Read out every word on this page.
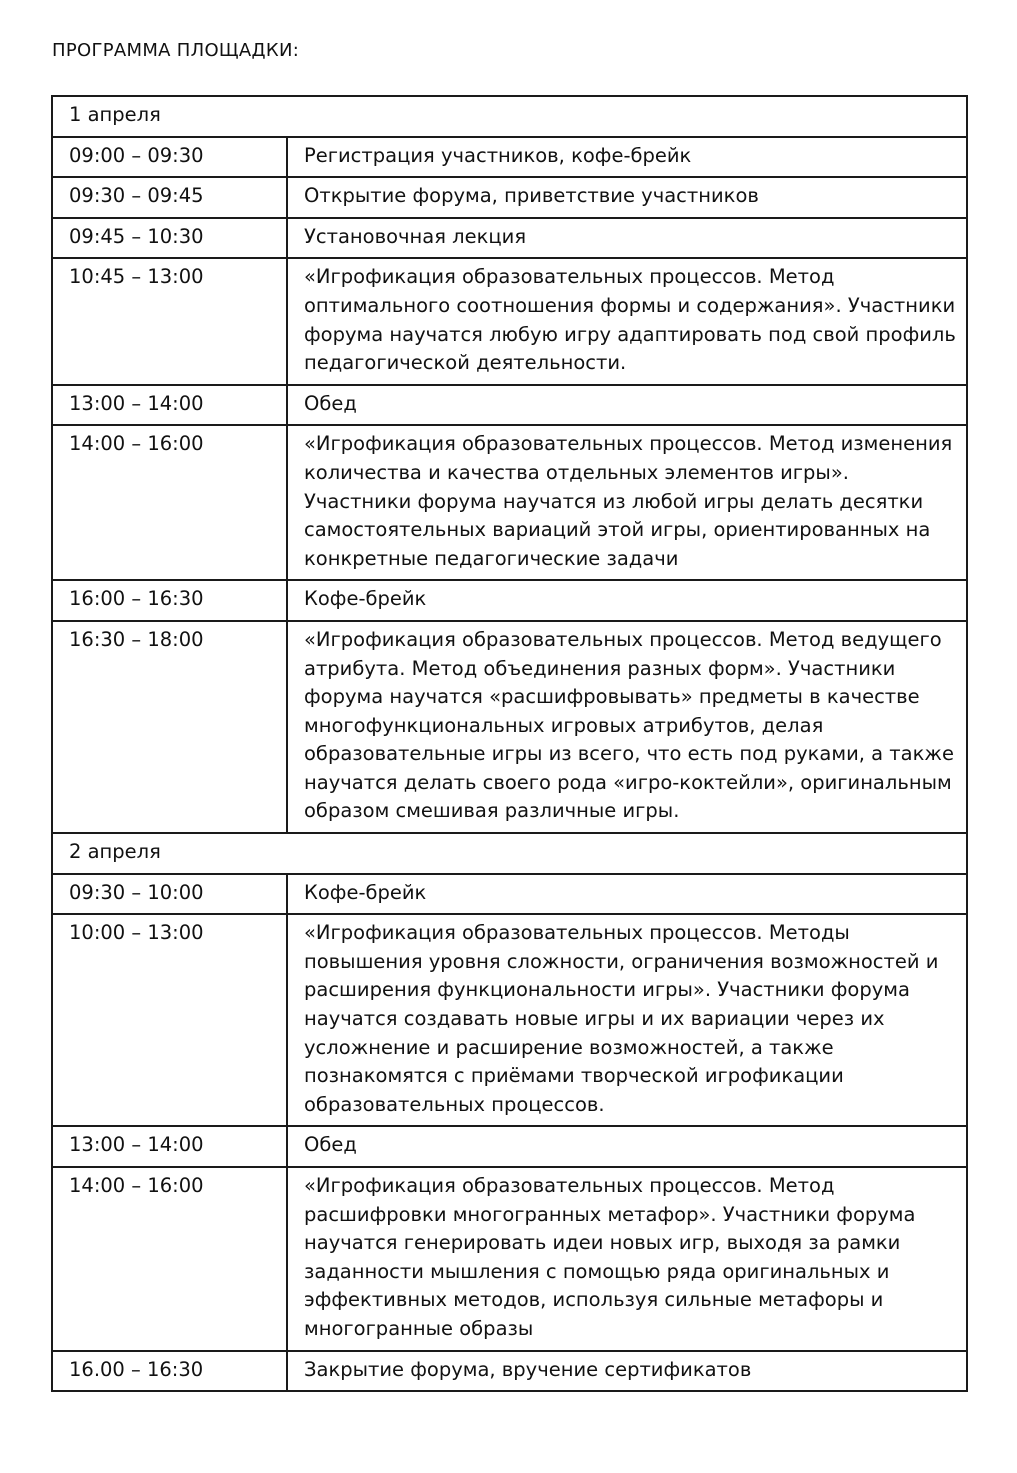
ПРОГРАММА ПЛОЩАДКИ:
1 апреля	
09:00 – 09:30	Регистрация участников, кофе-брейк
09:30 – 09:45	Открытие форума, приветствие участников
09:45 – 10:30	Установочная лекция
10:45 – 13:00	«Игрофикация образовательных процессов. Метод оптимального соотношения формы и содержания». Участники форума научатся любую игру адаптировать под свой профиль педагогической деятельности.
13:00 – 14:00	Обед
14:00 – 16:00	«Игрофикация образовательных процессов. Метод изменения количества и качества отдельных элементов игры». Участники форума научатся из любой игры делать десятки самостоятельных вариаций этой игры, ориентированных на конкретные педагогические задачи
16:00 – 16:30	Кофе-брейк
16:30 – 18:00	«Игрофикация образовательных процессов. Метод ведущего атрибута. Метод объединения разных форм». Участники форума научатся «расшифровывать» предметы в качестве многофункциональных игровых атрибутов, делая образовательные игры из всего, что есть под руками, а также научатся делать своего рода «игро-коктейли», оригинальным образом смешивая различные игры.
2 апреля	
09:30 – 10:00	Кофе-брейк
10:00 – 13:00	«Игрофикация образовательных процессов. Методы повышения уровня сложности, ограничения возможностей и расширения функциональности игры». Участники форума научатся создавать новые игры и их вариации через их усложнение и расширение возможностей, а также познакомятся с приёмами творческой игрофикации образовательных процессов.
13:00 – 14:00	Обед
14:00 – 16:00	«Игрофикация образовательных процессов. Метод расшифровки многогранных метафор». Участники форума научатся генерировать идеи новых игр, выходя за рамки заданности мышления с помощью ряда оригинальных и эффективных методов, используя сильные метафоры и многогранные образы
16.00 – 16:30	Закрытие форума, вручение сертификатов
